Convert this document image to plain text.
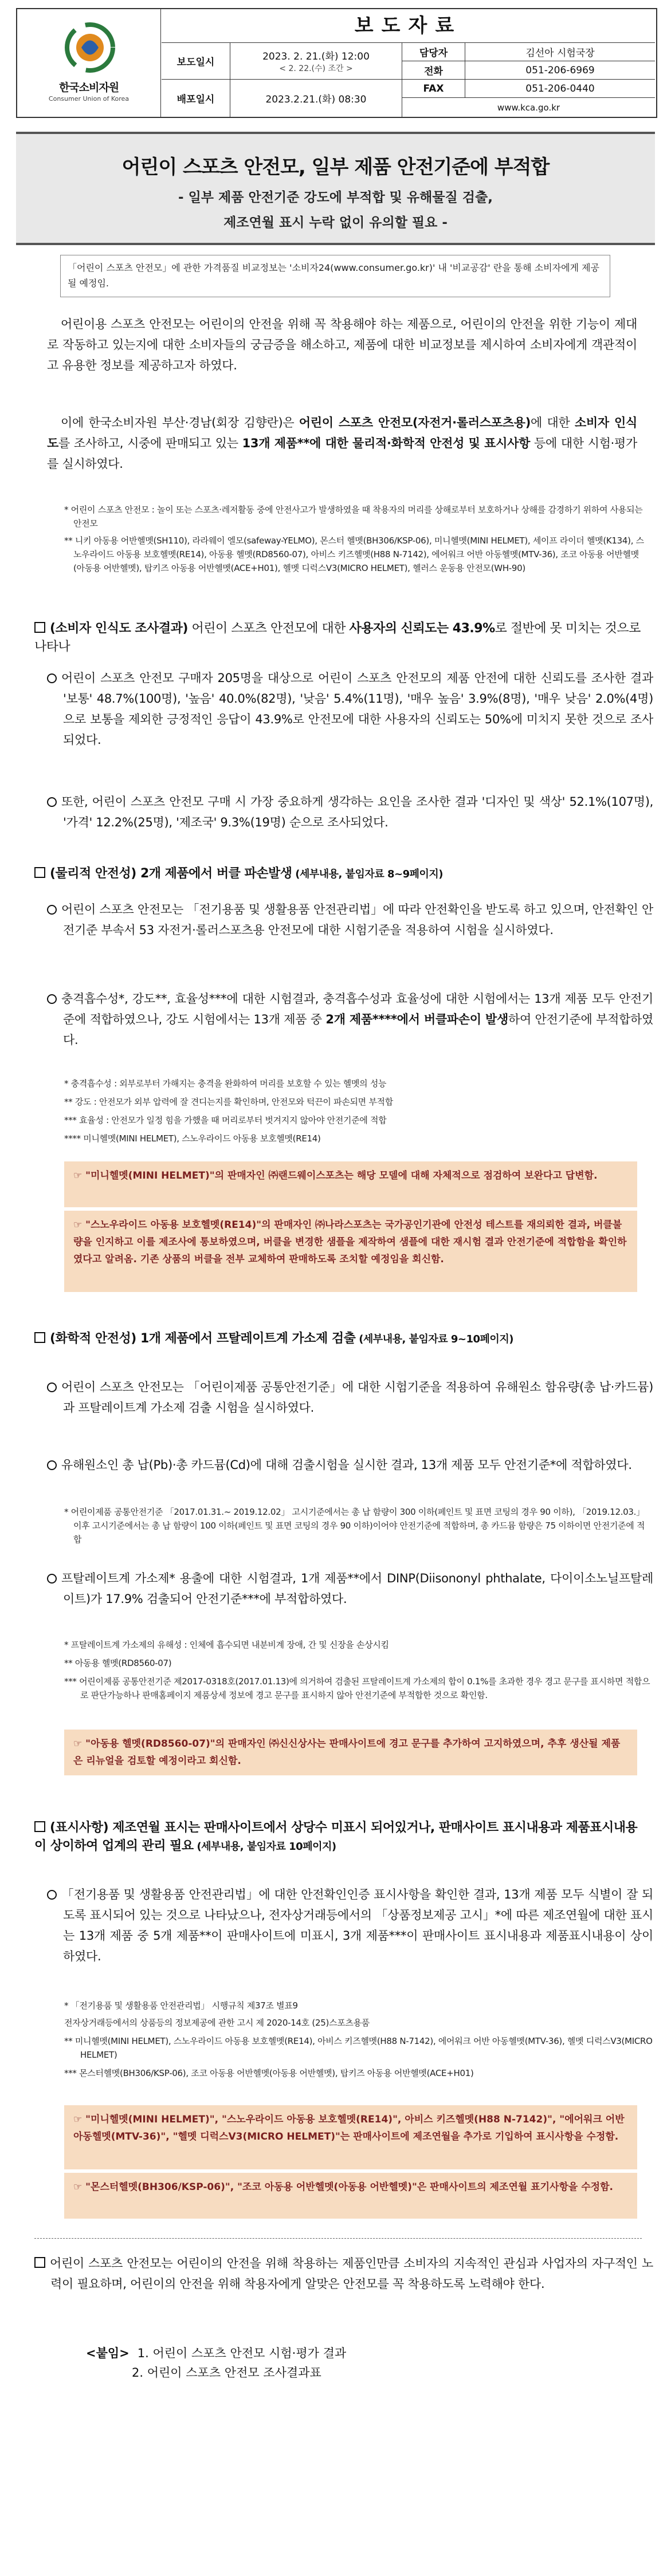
한국소비자원
Consumer Union of Korea
보도자료
보도일시	2023. 2. 21.(화) 12:00
< 2. 22.(수) 조간 >
배포일시	2023.2.21.(화) 08:30
담당자	김선아 시험국장
전화	051-206-6969
FAX	051-206-0440
www.kca.go.kr
어린이 스포츠 안전모, 일부 제품 안전기준에 부적합
- 일부 제품 안전기준 강도에 부적합 및 유해물질 검출,
제조연월 표시 누락 없이 유의할 필요 -
「어린이 스포츠 안전모」에 관한 가격품질 비교정보는 '소비자24(www.consumer.go.kr)' 내 '비교공감' 란을 통해 소비자에게 제공될 예정임.
어린이용 스포츠 안전모는 어린이의 안전을 위해 꼭 착용해야 하는 제품으로, 어린이의 안전을 위한 기능이 제대로 작동하고 있는지에 대한 소비자들의 궁금증을 해소하고, 제품에 대한 비교정보를 제시하여 소비자에게 객관적이고 유용한 정보를 제공하고자 하였다.
이에 한국소비자원 부산·경남(회장 김향란)은 어린이 스포츠 안전모(자전거·롤러스포츠용)에 대한 소비자 인식도를 조사하고, 시중에 판매되고 있는 13개 제품**에 대한 물리적·화학적 안전성 및 표시사항 등에 대한 시험·평가를 실시하였다.
* 어린이 스포츠 안전모 : 놀이 또는 스포츠·레저활동 중에 안전사고가 발생하였을 때 착용자의 머리를 상해로부터 보호하거나 상해를 감경하기 위하여 사용되는 안전모
** 니키 아동용 어반헬멧(SH110), 라라웨이 엘모(safeway-YELMO), 몬스터 헬멧(BH306/KSP-06), 미니헬멧(MINI HELMET), 세이프 라이더 헬멧(K134), 스노우라이드 아동용 보호헬멧(RE14), 아동용 헬멧(RD8560-07), 아비스 키즈헬멧(H88 N-7142), 에어워크 어반 아동헬멧(MTV-36), 조코 아동용 어반헬멧(아동용 어반헬멧), 탑키즈 아동용 어반헬멧(ACE+H01), 헬멧 디럭스V3(MICRO HELMET), 헬러스 운동용 안전모(WH-90)
(소비자 인식도 조사결과) 어린이 스포츠 안전모에 대한 사용자의 신뢰도는 43.9%로 절반에 못 미치는 것으로 나타나
어린이 스포츠 안전모 구매자 205명을 대상으로 어린이 스포츠 안전모의 제품 안전에 대한 신뢰도를 조사한 결과 '보통' 48.7%(100명), '높음' 40.0%(82명), '낮음' 5.4%(11명), '매우 높음' 3.9%(8명), '매우 낮음' 2.0%(4명)으로 보통을 제외한 긍정적인 응답이 43.9%로 안전모에 대한 사용자의 신뢰도는 50%에 미치지 못한 것으로 조사되었다.
또한, 어린이 스포츠 안전모 구매 시 가장 중요하게 생각하는 요인을 조사한 결과 '디자인 및 색상' 52.1%(107명), '가격' 12.2%(25명), '제조국' 9.3%(19명) 순으로 조사되었다.
(물리적 안전성) 2개 제품에서 버클 파손발생 (세부내용, 붙임자료 8~9페이지)
어린이 스포츠 안전모는 「전기용품 및 생활용품 안전관리법」에 따라 안전확인을 받도록 하고 있으며, 안전확인 안전기준 부속서 53 자전거·롤러스포츠용 안전모에 대한 시험기준을 적용하여 시험을 실시하였다.
충격흡수성*, 강도**, 효율성***에 대한 시험결과, 충격흡수성과 효율성에 대한 시험에서는 13개 제품 모두 안전기준에 적합하였으나, 강도 시험에서는 13개 제품 중 2개 제품****에서 버클파손이 발생하여 안전기준에 부적합하였다.
* 충격흡수성 : 외부로부터 가해지는 충격을 완화하여 머리를 보호할 수 있는 헬멧의 성능
** 강도 : 안전모가 외부 압력에 잘 견디는지를 확인하며, 안전모와 턱끈이 파손되면 부적합
*** 효율성 : 안전모가 일정 힘을 가했을 때 머리로부터 벗겨지지 않아야 안전기준에 적합
**** 미니헬멧(MINI HELMET), 스노우라이드 아동용 보호헬멧(RE14)
☞ "미니헬멧(MINI HELMET)"의 판매자인 ㈜랜드웨이스포츠는 해당 모델에 대해 자체적으로 점검하여 보완다고 답변함.
☞ "스노우라이드 아동용 보호헬멧(RE14)"의 판매자인 ㈜나라스포츠는 국가공인기관에 안전성 테스트를 재의뢰한 결과, 버클불량을 인지하고 이를 제조사에 통보하였으며, 버클을 변경한 샘플을 제작하여 샘플에 대한 재시험 결과 안전기준에 적합함을 확인하였다고 알려옴. 기존 상품의 버클을 전부 교체하여 판매하도록 조치할 예정임을 회신함.
(화학적 안전성) 1개 제품에서 프탈레이트계 가소제 검출 (세부내용, 붙임자료 9~10페이지)
어린이 스포츠 안전모는 「어린이제품 공통안전기준」에 대한 시험기준을 적용하여 유해원소 함유량(총 납·카드뮴)과 프탈레이트계 가소제 검출 시험을 실시하였다.
유해원소인 총 납(Pb)·총 카드뮴(Cd)에 대해 검출시험을 실시한 결과, 13개 제품 모두 안전기준*에 적합하였다.
* 어린이제품 공통안전기준 「2017.01.31.~ 2019.12.02」 고시기준에서는 총 납 함량이 300 이하(페인트 및 표면 코팅의 경우 90 이하), 「2019.12.03.」 이후 고시기준에서는 총 납 함량이 100 이하(페인트 및 표면 코팅의 경우 90 이하)이어야 안전기준에 적합하며, 총 카드뮴 함량은 75 이하이면 안전기준에 적합
프탈레이트계 가소제* 용출에 대한 시험결과, 1개 제품**에서 DINP(Diisononyl phthalate, 다이이소노닐프탈레이트)가 17.9% 검출되어 안전기준***에 부적합하였다.
* 프탈레이트계 가소제의 유해성 : 인체에 흡수되면 내분비계 장애, 간 및 신장을 손상시킴
** 아동용 헬멧(RD8560-07)
*** 어린이제품 공통안전기준 제2017-0318호(2017.01.13)에 의거하여 검출된 프탈레이트계 가소제의 합이 0.1%를 초과한 경우 경고 문구를 표시하면 적합으로 판단가능하나 판매홈페이지 제품상세 정보에 경고 문구를 표시하지 않아 안전기준에 부적합한 것으로 확인함.
☞ "아동용 헬멧(RD8560-07)"의 판매자인 ㈜신신상사는 판매사이트에 경고 문구를 추가하여 고지하였으며, 추후 생산될 제품은 리뉴얼을 검토할 예정이라고 회신함.
(표시사항) 제조연월 표시는 판매사이트에서 상당수 미표시 되어있거나, 판매사이트 표시내용과 제품표시내용이 상이하여 업계의 관리 필요 (세부내용, 붙임자료 10페이지)
「전기용품 및 생활용품 안전관리법」에 대한 안전확인인증 표시사항을 확인한 결과, 13개 제품 모두 식별이 잘 되도록 표시되어 있는 것으로 나타났으나, 전자상거래등에서의 「상품정보제공 고시」*에 따른 제조연월에 대한 표시는 13개 제품 중 5개 제품**이 판매사이트에 미표시, 3개 제품***이 판매사이트 표시내용과 제품표시내용이 상이하였다.
* 「전기용품 및 생활용품 안전관리법」 시행규칙 제37조 별표9
전자상거래등에서의 상품등의 정보제공에 관한 고시 제 2020-14호 (25)스포츠용품
** 미니헬멧(MINI HELMET), 스노우라이드 아동용 보호헬멧(RE14), 아비스 키즈헬멧(H88 N-7142), 에어워크 어반 아동헬멧(MTV-36), 헬멧 디럭스V3(MICRO HELMET)
*** 몬스터헬멧(BH306/KSP-06), 조코 아동용 어반헬멧(아동용 어반헬멧), 탑키즈 아동용 어반헬멧(ACE+H01)
☞ "미니헬멧(MINI HELMET)", "스노우라이드 아동용 보호헬멧(RE14)", 아비스 키즈헬멧(H88 N-7142)", "에어워크 어반 아동헬멧(MTV-36)", "헬멧 디럭스V3(MICRO HELMET)"는 판매사이트에 제조연월을 추가로 기입하여 표시사항을 수정함.
☞ "몬스터헬멧(BH306/KSP-06)", "조코 아동용 어반헬멧(아동용 어반헬멧)"은 판매사이트의 제조연월 표기사항을 수정함.
어린이 스포츠 안전모는 어린이의 안전을 위해 착용하는 제품인만큼 소비자의 지속적인 관심과 사업자의 자구적인 노력이 필요하며, 어린이의 안전을 위해 착용자에게 알맞은 안전모를 꼭 착용하도록 노력해야 한다.
<붙임> 1. 어린이 스포츠 안전모 시험·평가 결과
2. 어린이 스포츠 안전모 조사결과표
